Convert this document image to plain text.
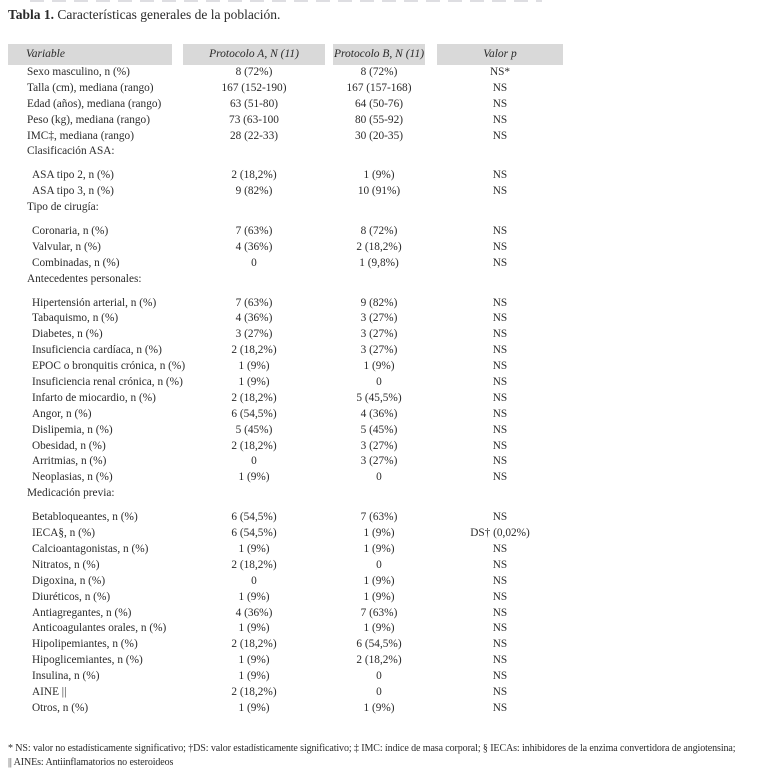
Tabla 1. Características generales de la población.

Variable	Protocolo A, N (11)	Protocolo B, N (11)	Valor p
Sexo masculino, n (%)	8 (72%)	8 (72%)	NS*
Talla (cm), mediana (rango)	167 (152-190)	167 (157-168)	NS
Edad (años), mediana (rango)	63 (51-80)	64 (50-76)	NS
Peso (kg), mediana (rango)	73 (63-100	80 (55-92)	NS
IMC‡, mediana (rango)	28 (22-33)	30 (20-35)	NS
Clasificación ASA:
ASA tipo 2, n (%)	2 (18,2%)	1 (9%)	NS
ASA tipo 3, n (%)	9 (82%)	10 (91%)	NS
Tipo de cirugía:
Coronaria, n (%)	7 (63%)	8 (72%)	NS
Valvular, n (%)	4 (36%)	2 (18,2%)	NS
Combinadas, n (%)	0	1 (9,8%)	NS
Antecedentes personales:
Hipertensión arterial, n (%)	7 (63%)	9 (82%)	NS
Tabaquismo, n (%)	4 (36%)	3 (27%)	NS
Diabetes, n (%)	3 (27%)	3 (27%)	NS
Insuficiencia cardíaca, n (%)	2 (18,2%)	3 (27%)	NS
EPOC o bronquitis crónica, n (%)	1 (9%)	1 (9%)	NS
Insuficiencia renal crónica, n (%)	1 (9%)	0	NS
Infarto de miocardio, n (%)	2 (18,2%)	5 (45,5%)	NS
Angor, n (%)	6 (54,5%)	4 (36%)	NS
Dislipemia, n (%)	5 (45%)	5 (45%)	NS
Obesidad, n (%)	2 (18,2%)	3 (27%)	NS
Arritmias, n (%)	0	3 (27%)	NS
Neoplasias, n (%)	1 (9%)	0	NS
Medicación previa:
Betabloqueantes, n (%)	6 (54,5%)	7 (63%)	NS
IECA§, n (%)	6 (54,5%)	1 (9%)	DS† (0,02%)
Calcioantagonistas, n (%)	1 (9%)	1 (9%)	NS
Nitratos, n (%)	2 (18,2%)	0	NS
Digoxina, n (%)	0	1 (9%)	NS
Diuréticos, n (%)	1 (9%)	1 (9%)	NS
Antiagregantes, n (%)	4 (36%)	7 (63%)	NS
Anticoagulantes orales, n (%)	1 (9%)	1 (9%)	NS
Hipolipemiantes, n (%)	2 (18,2%)	6 (54,5%)	NS
Hipoglicemiantes, n (%)	1 (9%)	2 (18,2%)	NS
Insulina, n (%)	1 (9%)	0	NS
AINE ||	2 (18,2%)	0	NS
Otros, n (%)	1 (9%)	1 (9%)	NS

* NS: valor no estadísticamente significativo; †DS: valor estadísticamente significativo; ‡ IMC: índice de masa corporal; § IECAs: inhibidores de la enzima convertidora de angiotensina;

|| AINEs: Antiinflamatorios no esteroideos
